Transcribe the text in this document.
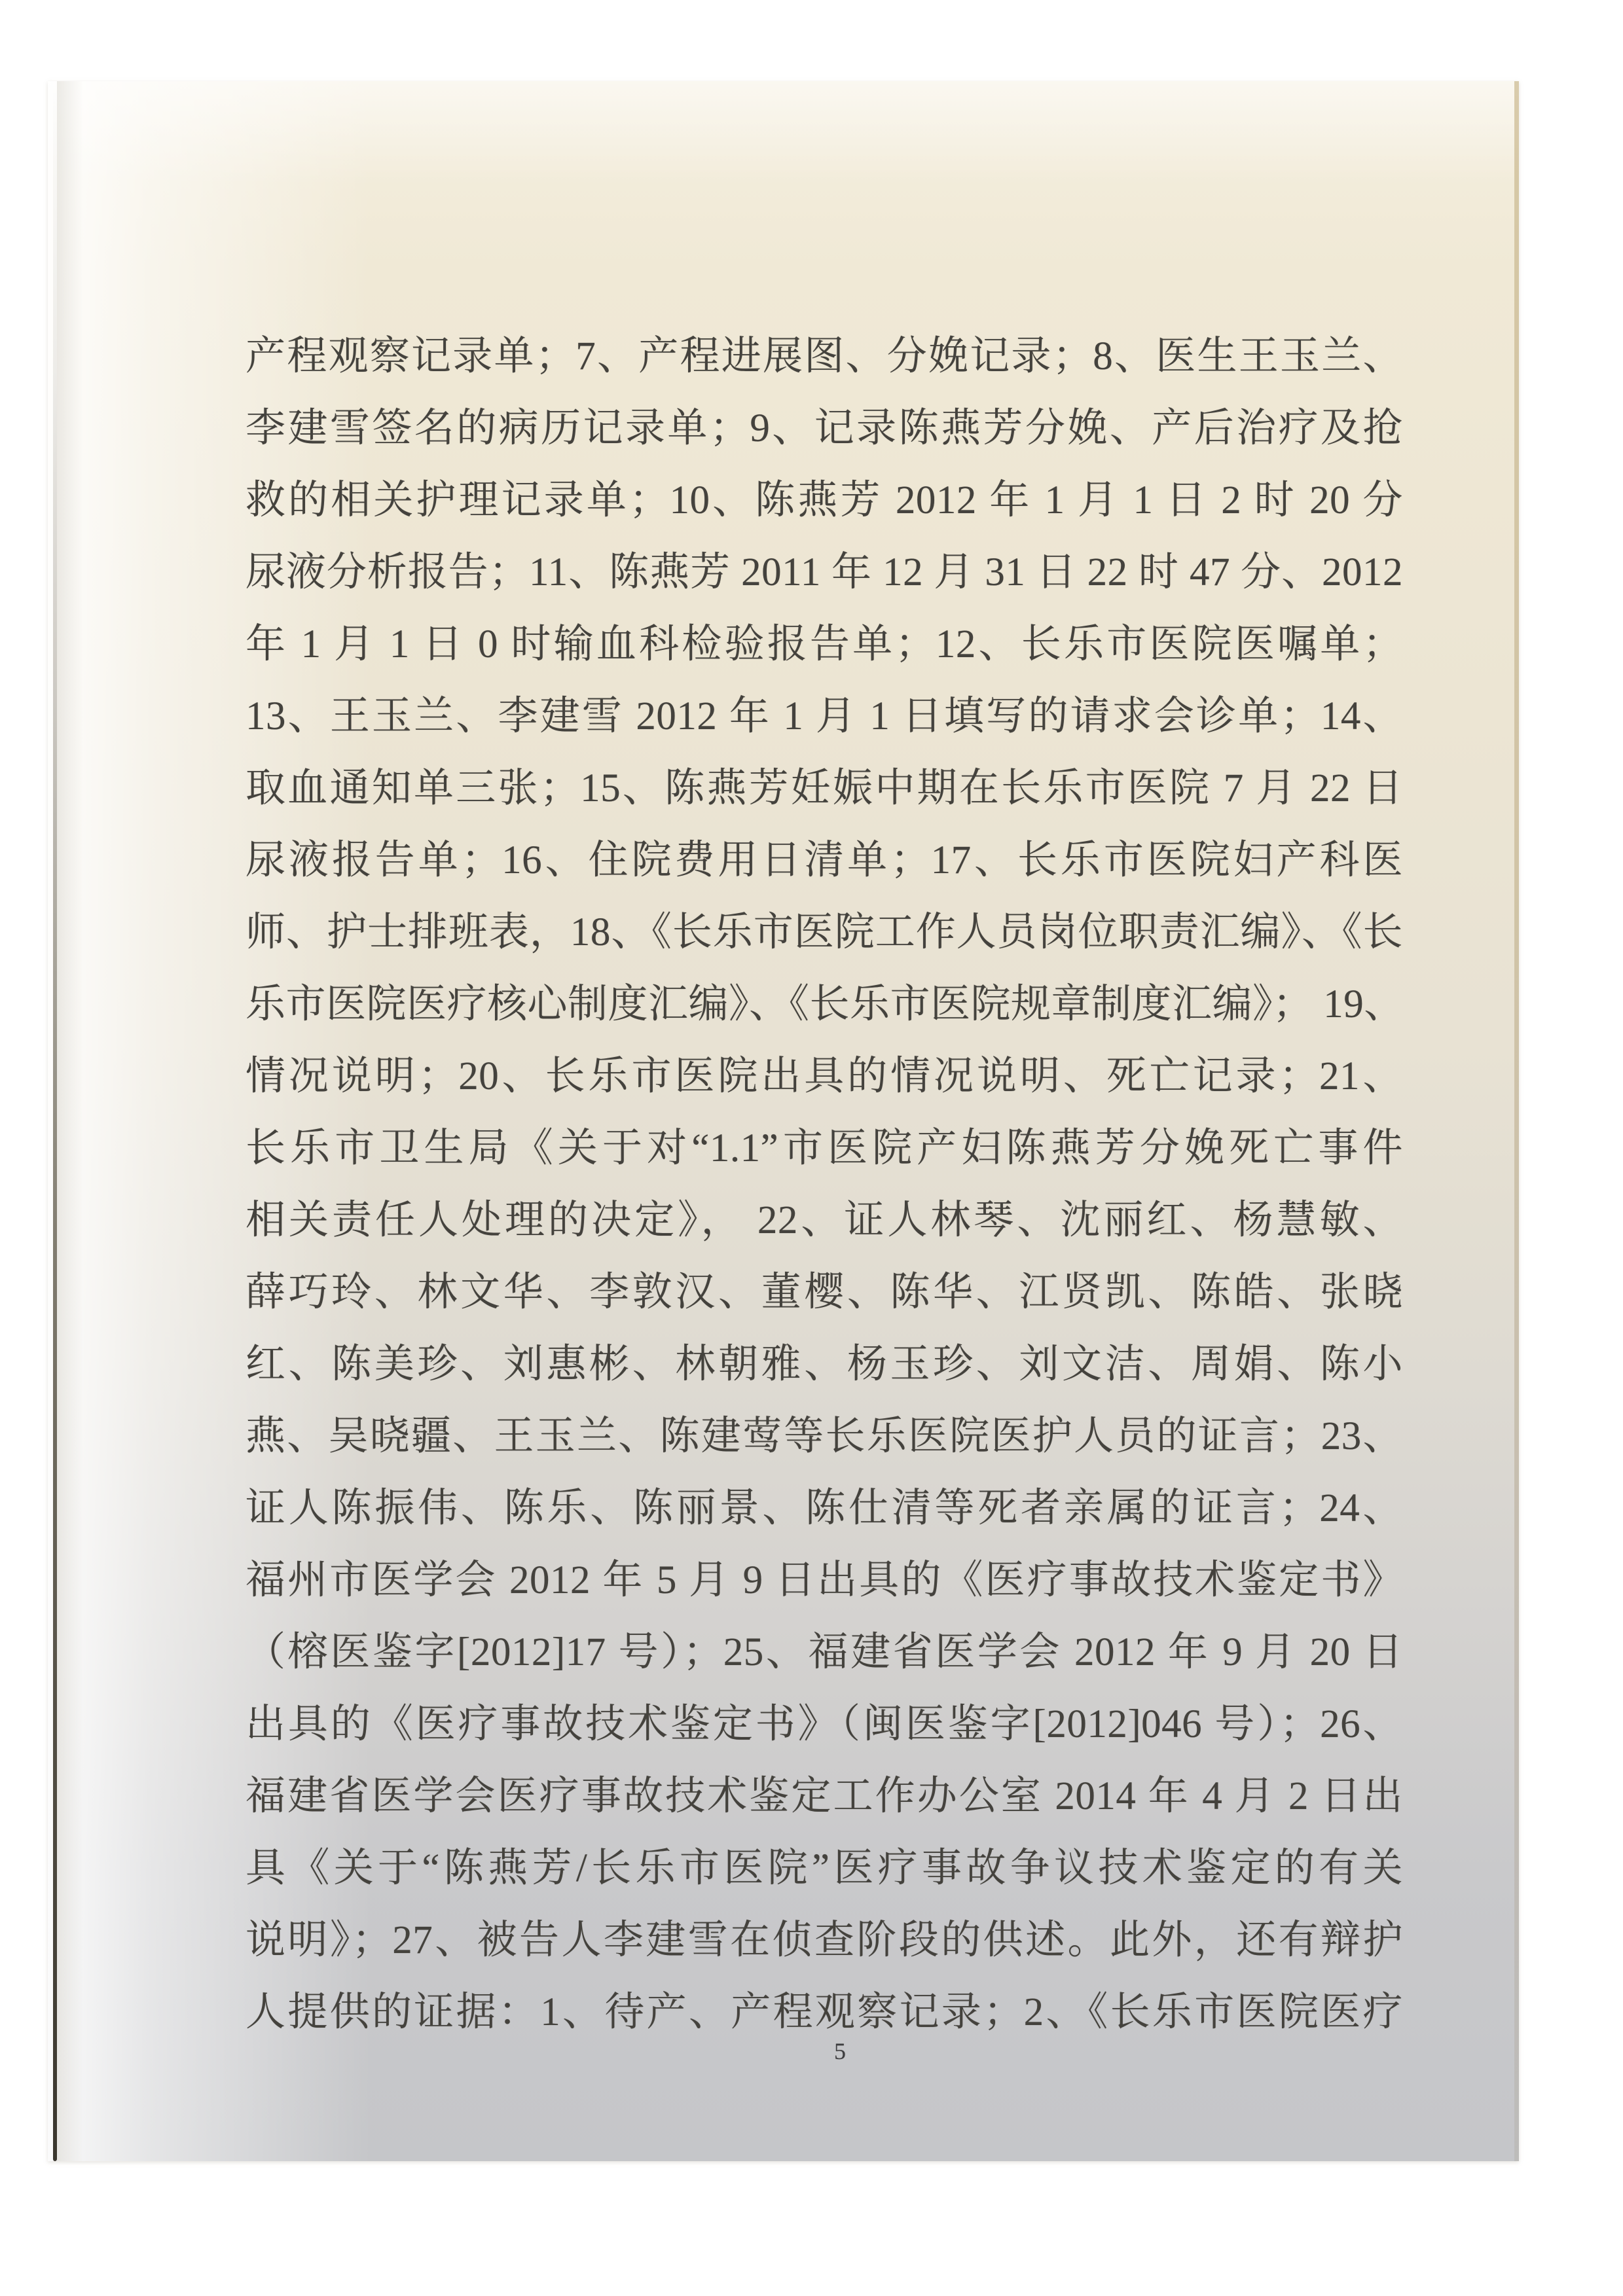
产程观察记录单；7、产程进展图、分娩记录；8、医生王玉兰、
李建雪签名的病历记录单；9、记录陈燕芳分娩、产后治疗及抢
救的相关护理记录单；10、陈燕芳 2012 年 1 月 1 日 2 时 20 分
尿液分析报告；11、陈燕芳 2011 年 12 月 31 日 22 时 47 分、2012
年 1 月 1 日 0 时输血科检验报告单；12、长乐市医院医嘱单；
13、王玉兰、李建雪 2012 年 1 月 1 日填写的请求会诊单；14、
取血通知单三张；15、陈燕芳妊娠中期在长乐市医院 7 月 22 日
尿液报告单；16、住院费用日清单；17、长乐市医院妇产科医
师、护士排班表，18、《长乐市医院工作人员岗位职责汇编》、《长
乐市医院医疗核心制度汇编》、《长乐市医院规章制度汇编》； 19、
情况说明；20、长乐市医院出具的情况说明、死亡记录；21、
长乐市卫生局《关于对“1.1”市医院产妇陈燕芳分娩死亡事件
相关责任人处理的决定》， 22、证人林琴、沈丽红、杨慧敏、
薛巧玲、林文华、李敦汉、董樱、陈华、江贤凯、陈皓、张晓
红、陈美珍、刘惠彬、林朝雅、杨玉珍、刘文洁、周娟、陈小
燕、吴晓疆、王玉兰、陈建莺等长乐医院医护人员的证言；23、
证人陈振伟、陈乐、陈丽景、陈仕清等死者亲属的证言；24、
福州市医学会 2012 年 5 月 9 日出具的《医疗事故技术鉴定书》
（榕医鉴字[2012]17 号）；25、福建省医学会 2012 年 9 月 20 日
出具的《医疗事故技术鉴定书》（闽医鉴字[2012]046 号）；26、
福建省医学会医疗事故技术鉴定工作办公室 2014 年 4 月 2 日出
具《关于“陈燕芳/长乐市医院”医疗事故争议技术鉴定的有关
说明》；27、被告人李建雪在侦查阶段的供述。此外，还有辩护
人提供的证据：1、待产、产程观察记录；2、《长乐市医院医疗
5
